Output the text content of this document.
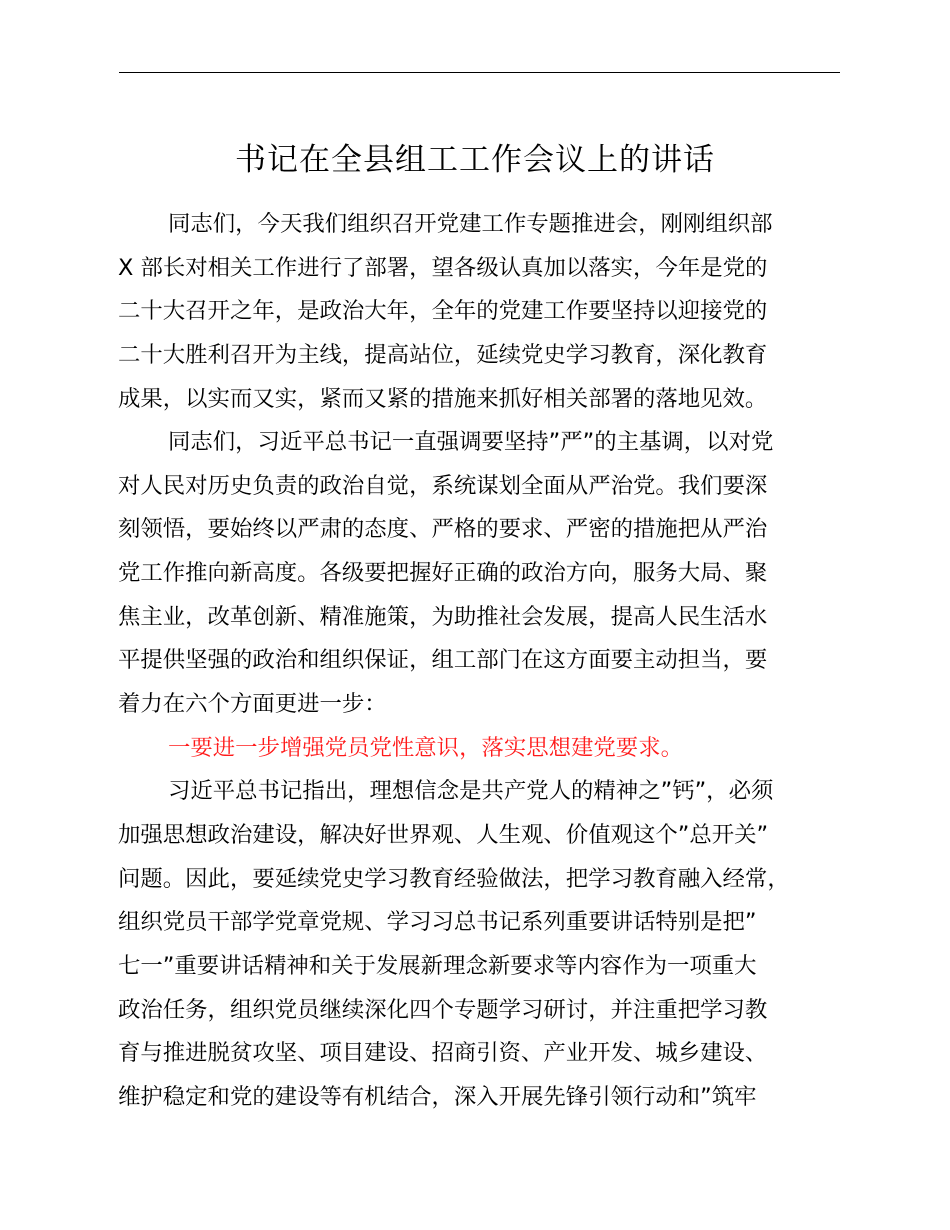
书记在全县组工工作会议上的讲话
同志们，今天我们组织召开党建工作专题推进会，刚刚组织部
X 部长对相关工作进行了部署，望各级认真加以落实，今年是党的
二十大召开之年，是政治大年，全年的党建工作要坚持以迎接党的
二十大胜利召开为主线，提高站位，延续党史学习教育，深化教育
成果，以实而又实，紧而又紧的措施来抓好相关部署的落地见效。
同志们，习近平总书记一直强调要坚持”严”的主基调，以对党
对人民对历史负责的政治自觉，系统谋划全面从严治党。我们要深
刻领悟，要始终以严肃的态度、严格的要求、严密的措施把从严治
党工作推向新高度。各级要把握好正确的政治方向，服务大局、聚
焦主业，改革创新、精准施策，为助推社会发展，提高人民生活水
平提供坚强的政治和组织保证，组工部门在这方面要主动担当，要
着力在六个方面更进一步：
一要进一步增强党员党性意识，落实思想建党要求。
习近平总书记指出，理想信念是共产党人的精神之”钙”，必须
加强思想政治建设，解决好世界观、人生观、价值观这个”总开关”
问题。因此，要延续党史学习教育经验做法，把学习教育融入经常，
组织党员干部学党章党规、学习习总书记系列重要讲话特别是把”
七一”重要讲话精神和关于发展新理念新要求等内容作为一项重大
政治任务，组织党员继续深化四个专题学习研讨，并注重把学习教
育与推进脱贫攻坚、项目建设、招商引资、产业开发、城乡建设、
维护稳定和党的建设等有机结合，深入开展先锋引领行动和”筑牢
